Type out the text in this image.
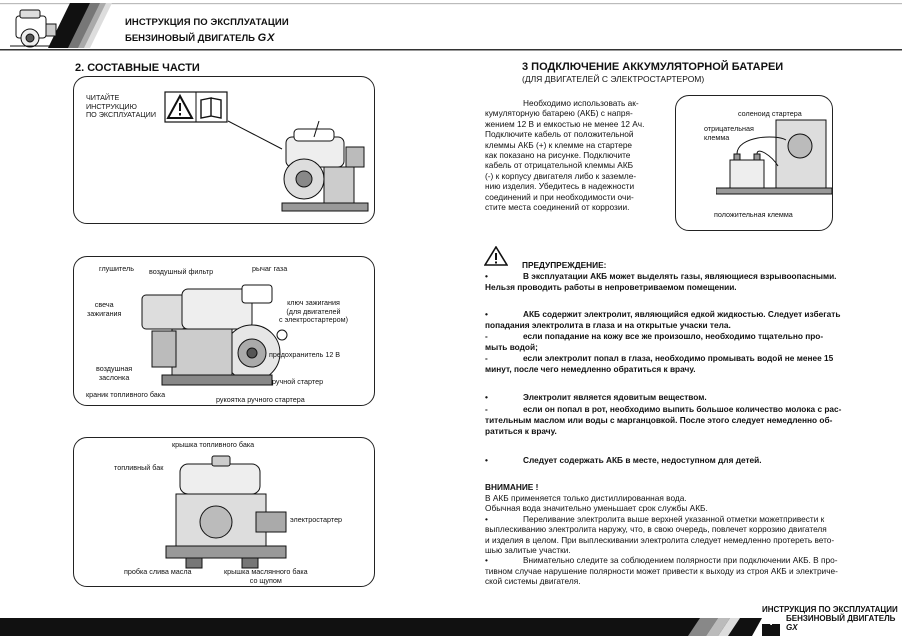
ИНСТРУКЦИЯ ПО ЭКСПЛУАТАЦИИ
БЕНЗИНОВЫЙ ДВИГАТЕЛЬ GX
2. СОСТАВНЫЕ ЧАСТИ
ЧИТАЙТЕ
ИНСТРУКЦИЮ
ПО ЭКСПЛУАТАЦИИ
глушитель воздушный фильтр	рычаг газа
свеча
зажигания
ключ зажигания
(для двигателей
с электростартером)
предохранитель 12 В
воздушная
заслонка	ручной стартер
краник топливного бака
рукоятка ручного стартера
крышка топливного бака
топливный бак
электростартер
пробка слива масла	крышка маслянного бака
со щупом
3 ПОДКЛЮЧЕНИЕ АККУМУЛЯТОРНОЙ БАТАРЕИ
(ДЛЯ ДВИГАТЕЛЕЙ С ЭЛЕКТРОСТАРТЕРОМ)
Необходимо использовать ак-
кумуляторную батарею (АКБ) с напря-
жением 12 В и емкостью не менее 12 Ач.
Подключите кабель от положительной
клеммы АКБ (+) к клемме на стартере
как показано на рисунке. Подключите
кабель от отрицательной клеммы АКБ
(-) к корпусу двигателя либо к заземле-
нию изделия. Убедитесь в надежности
соединений и при необходимости очи-
стите места соединений от коррозии.
соленоид стартера
отрицательная
клемма
положительная клемма
ПРЕДУПРЕЖДЕНИЕ:
•	В эксплуатации АКБ может выделять газы, являющиеся взрывоопасными.
Нельзя проводить работы в непроветриваемом помещении.
•	АКБ содержит электролит, являющийся едкой жидкостью. Следует избегать
попадания электролита в глаза и на открытые учаски тела.
-	если попадание на кожу все же произошло, необходимо тщательно про-
мыть водой;
-	если электролит попал в глаза, необходимо промывать водой не менее 15
минут, после чего немедленно обратиться к врачу.
•	Электролит является ядовитым веществом.
-	если он попал в рот, необходимо выпить большое количество молока с рас-
тительным маслом или воды с марганцовкой. После этого следует немедленно об-
ратиться к врачу.
•	Следует содержать АКБ в месте, недоступном для детей.
ВНИМАНИЕ !
В АКБ применяется только дистиллированная вода.
Обычная вода значительно уменьшает срок службы АКБ.
•	Переливание электролита выше верхней указанной отметки можетпривести к
выплескиванию электролита наружу, что, в свою очередь, повлечет коррозию двигателя
и изделия в целом. При выплескивании электролита следует немедленно протереть вето-
шью залитые участки.
•	Внимательно следите за соблюдением полярности при подключении АКБ. В про-
тивном случае нарушение полярности может привести к выходу из строя АКБ и электриче-
ской системы двигателя.
ИНСТРУКЦИЯ ПО ЭКСПЛУАТАЦИИ
БЕНЗИНОВЫЙ ДВИГАТЕЛЬ GX
4
